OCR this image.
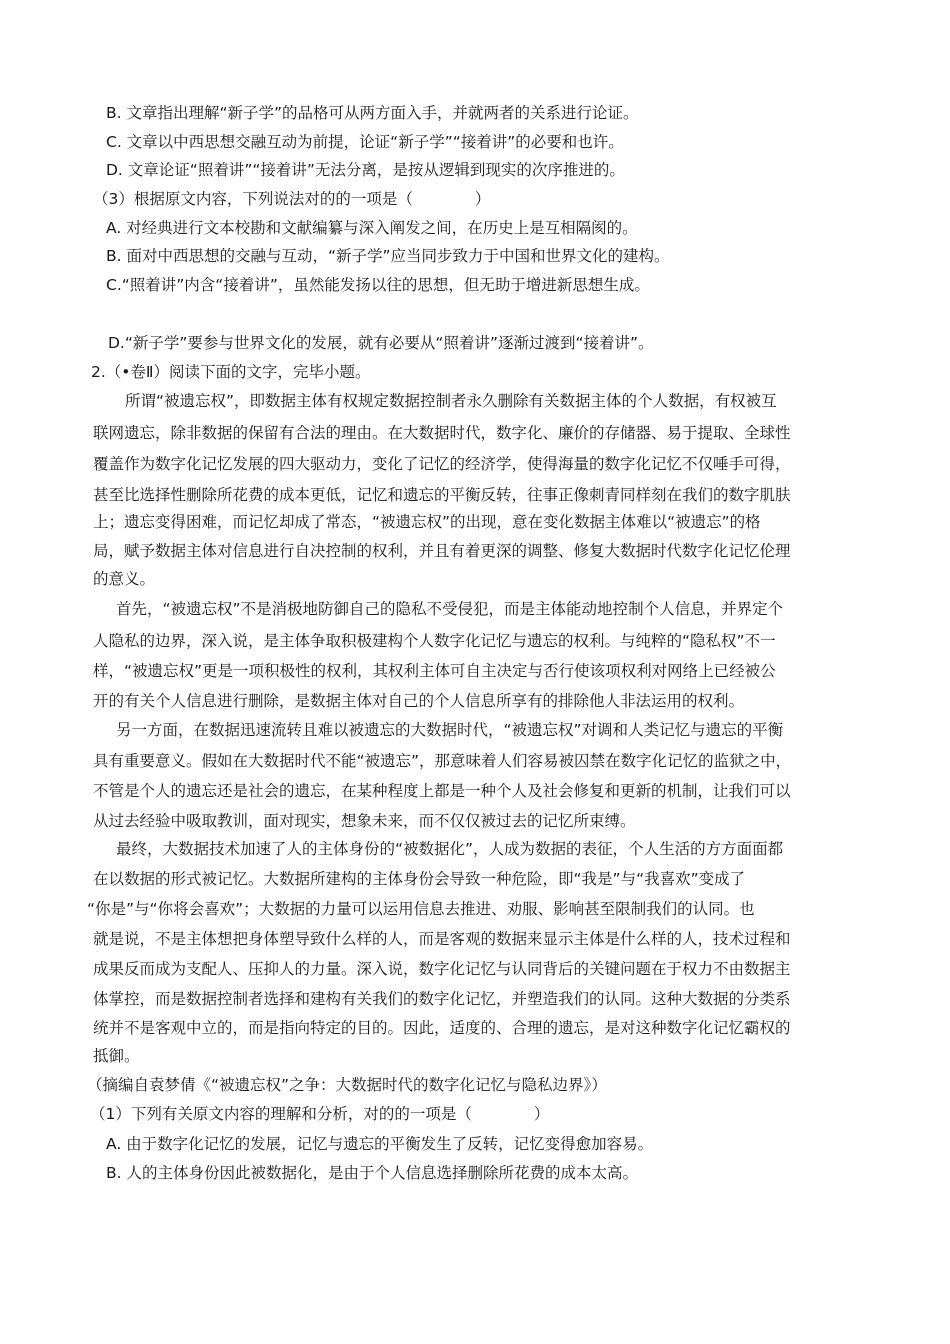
B. 文章指出理解“新子学”的品格可从两方面入手，并就两者的关系进行论证。
C. 文章以中西思想交融互动为前提，论证“新子学”“接着讲”的必要和也许。
D. 文章论证“照着讲”“接着讲”无法分离，是按从逻辑到现实的次序推进的。
（3）根据原文内容，下列说法对的的一项是（　　　　）
A. 对经典进行文本校勘和文献编纂与深入阐发之间，在历史上是互相隔阂的。
B. 面对中西思想的交融与互动，“新子学”应当同步致力于中国和世界文化的建构。
C.“照着讲”内含“接着讲”，虽然能发扬以往的思想，但无助于增进新思想生成。
D.“新子学”要参与世界文化的发展，就有必要从“照着讲”逐渐过渡到“接着讲”。
2.（•卷Ⅱ）阅读下面的文字，完毕小题。
所谓“被遗忘权”，即数据主体有权规定数据控制者永久删除有关数据主体的个人数据，有权被互
联网遗忘，除非数据的保留有合法的理由。在大数据时代，数字化、廉价的存储器、易于提取、全球性
覆盖作为数字化记忆发展的四大驱动力，变化了记忆的经济学，使得海量的数字化记忆不仅唾手可得，
甚至比选择性删除所花费的成本更低，记忆和遗忘的平衡反转，往事正像刺青同样刻在我们的数字肌肤
上；遗忘变得困难，而记忆却成了常态，“被遗忘权”的出现，意在变化数据主体难以“被遗忘”的格
局，赋予数据主体对信息进行自决控制的权利，并且有着更深的调整、修复大数据时代数字化记忆伦理
的意义。
首先，“被遗忘权”不是消极地防御自己的隐私不受侵犯，而是主体能动地控制个人信息，并界定个
人隐私的边界，深入说，是主体争取积极建构个人数字化记忆与遗忘的权利。与纯粹的“隐私权”不一
样，“被遗忘权”更是一项积极性的权利，其权利主体可自主决定与否行使该项权利对网络上已经被公
开的有关个人信息进行删除，是数据主体对自己的个人信息所享有的排除他人非法运用的权利。
另一方面，在数据迅速流转且难以被遗忘的大数据时代，“被遗忘权”对调和人类记忆与遗忘的平衡
具有重要意义。假如在大数据时代不能“被遗忘”，那意味着人们容易被囚禁在数字化记忆的监狱之中，
不管是个人的遗忘还是社会的遗忘，在某种程度上都是一种个人及社会修复和更新的机制，让我们可以
从过去经验中吸取教训，面对现实，想象未来，而不仅仅被过去的记忆所束缚。
最终，大数据技术加速了人的主体身份的“被数据化”，人成为数据的表征，个人生活的方方面面都
在以数据的形式被记忆。大数据所建构的主体身份会导致一种危险，即“我是”与“我喜欢”变成了
“你是”与“你将会喜欢”；大数据的力量可以运用信息去推进、劝服、影响甚至限制我们的认同。也
就是说，不是主体想把身体塑导致什么样的人，而是客观的数据来显示主体是什么样的人，技术过程和
成果反而成为支配人、压抑人的力量。深入说，数字化记忆与认同背后的关键问题在于权力不由数据主
体掌控，而是数据控制者选择和建构有关我们的数字化记忆，并塑造我们的认同。这种大数据的分类系
统并不是客观中立的，而是指向特定的目的。因此，适度的、合理的遗忘，是对这种数字化记忆霸权的
抵御。
（摘编自袁梦倩《“被遗忘权”之争：大数据时代的数字化记忆与隐私边界》）
（1）下列有关原文内容的理解和分析，对的的一项是（　　　　）
A. 由于数字化记忆的发展，记忆与遗忘的平衡发生了反转，记忆变得愈加容易。
B. 人的主体身份因此被数据化，是由于个人信息选择删除所花费的成本太高。
